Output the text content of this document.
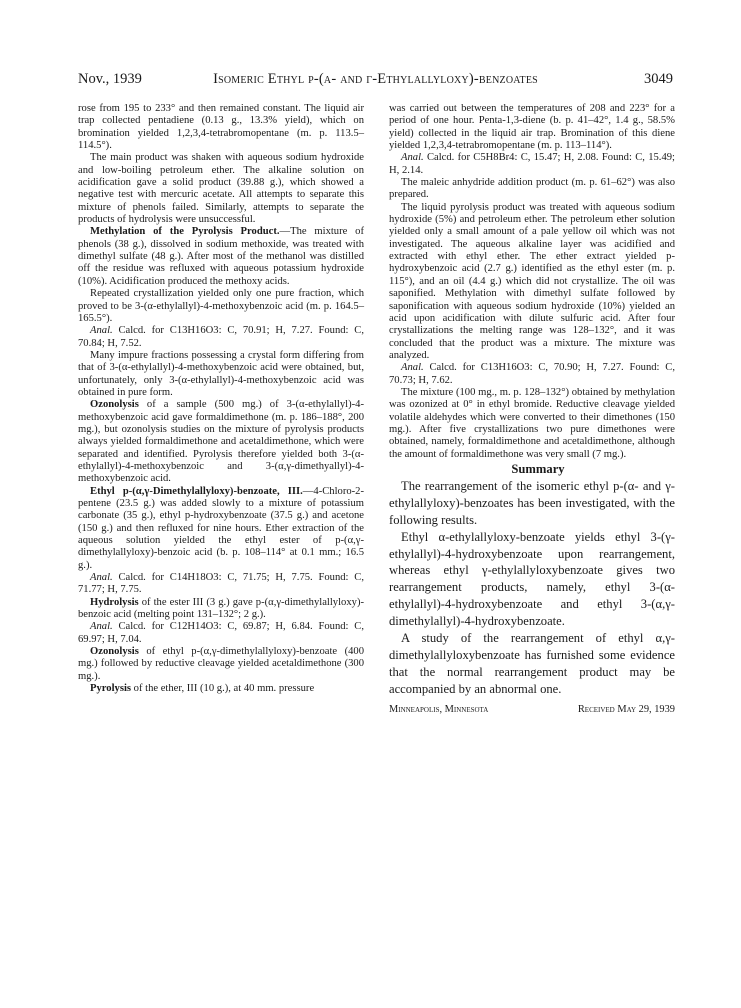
Nov., 1939	Isomeric Ethyl p-(α- and γ-Ethylallyloxy)-benzoates	3049

rose from 195 to 233° and then remained constant. The liquid air trap collected pentadiene (0.13 g., 13.3% yield), which on bromination yielded 1,2,3,4-tetrabromopentane (m. p. 113.5–114.5°).

The main product was shaken with aqueous sodium hydroxide and low-boiling petroleum ether. The alkaline solution on acidification gave a solid product (39.88 g.), which showed a negative test with mercuric acetate. All attempts to separate this mixture of phenols failed. Similarly, attempts to separate the products of hydrolysis were unsuccessful.

Methylation of the Pyrolysis Product.—The mixture of phenols (38 g.), dissolved in sodium methoxide, was treated with dimethyl sulfate (48 g.). After most of the methanol was distilled off the residue was refluxed with aqueous potassium hydroxide (10%). Acidification produced the methoxy acids.

Repeated crystallization yielded only one pure fraction, which proved to be 3-(α-ethylallyl)-4-methoxybenzoic acid (m. p. 164.5–165.5°).

Anal. Calcd. for C13H16O3: C, 70.91; H, 7.27. Found: C, 70.84; H, 7.52.

Many impure fractions possessing a crystal form differing from that of 3-(α-ethylallyl)-4-methoxybenzoic acid were obtained, but, unfortunately, only 3-(α-ethylallyl)-4-methoxybenzoic acid was obtained in pure form.

Ozonolysis of a sample (500 mg.) of 3-(α-ethylallyl)-4-methoxybenzoic acid gave formaldimethone (m. p. 186–188°, 200 mg.), but ozonolysis studies on the mixture of pyrolysis products always yielded formaldimethone and acetaldimethone, which were separated and identified. Pyrolysis therefore yielded both 3-(α-ethylallyl)-4-methoxybenzoic and 3-(α,γ-dimethyallyl)-4-methoxybenzoic acid.

Ethyl p-(α,γ-Dimethylallyloxy)-benzoate, III.—4-Chloro-2-pentene (23.5 g.) was added slowly to a mixture of potassium carbonate (35 g.), ethyl p-hydroxybenzoate (37.5 g.) and acetone (150 g.) and then refluxed for nine hours. Ether extraction of the aqueous solution yielded the ethyl ester of p-(α,γ-dimethylallyloxy)-benzoic acid (b. p. 108–114° at 0.1 mm.; 16.5 g.).

Anal. Calcd. for C14H18O3: C, 71.75; H, 7.75. Found: C, 71.77; H, 7.75.

Hydrolysis of the ester III (3 g.) gave p-(α,γ-dimethylallyloxy)-benzoic acid (melting point 131–132°; 2 g.).

Anal. Calcd. for C12H14O3: C, 69.87; H, 6.84. Found: C, 69.97; H, 7.04.

Ozonolysis of ethyl p-(α,γ-dimethylallyloxy)-benzoate (400 mg.) followed by reductive cleavage yielded acetaldimethone (300 mg.).

Pyrolysis of the ether, III (10 g.), at 40 mm. pressure

was carried out between the temperatures of 208 and 223° for a period of one hour. Penta-1,3-diene (b. p. 41–42°, 1.4 g., 58.5% yield) collected in the liquid air trap. Bromination of this diene yielded 1,2,3,4-tetrabromopentane (m. p. 113–114°).

Anal. Calcd. for C5H8Br4: C, 15.47; H, 2.08. Found: C, 15.49; H, 2.14.

The maleic anhydride addition product (m. p. 61–62°) was also prepared.

The liquid pyrolysis product was treated with aqueous sodium hydroxide (5%) and petroleum ether. The petroleum ether solution yielded only a small amount of a pale yellow oil which was not investigated. The aqueous alkaline layer was acidified and extracted with ethyl ether. The ether extract yielded p-hydroxybenzoic acid (2.7 g.) identified as the ethyl ester (m. p. 115°), and an oil (4.4 g.) which did not crystallize. The oil was saponified. Methylation with dimethyl sulfate followed by saponification with aqueous sodium hydroxide (10%) yielded an acid upon acidification with dilute sulfuric acid. After four crystallizations the melting range was 128–132°, and it was concluded that the product was a mixture. The mixture was analyzed.

Anal. Calcd. for C13H16O3: C, 70.90; H, 7.27. Found: C, 70.73; H, 7.62.

The mixture (100 mg., m. p. 128–132°) obtained by methylation was ozonized at 0° in ethyl bromide. Reductive cleavage yielded volatile aldehydes which were converted to their dimethones (150 mg.). After five crystallizations two pure dimethones were obtained, namely, formaldimethone and acetaldimethone, although the amount of formaldimethone was very small (7 mg.).

Summary

The rearrangement of the isomeric ethyl p-(α- and γ-ethylallyloxy)-benzoates has been investigated, with the following results.

Ethyl α-ethylallyloxy-benzoate yields ethyl 3-(γ-ethylallyl)-4-hydroxybenzoate upon rearrangement, whereas ethyl γ-ethylallyloxybenzoate gives two rearrangement products, namely, ethyl 3-(α-ethylallyl)-4-hydroxybenzoate and ethyl 3-(α,γ-dimethylallyl)-4-hydroxybenzoate.

A study of the rearrangement of ethyl α,γ-dimethylallyloxybenzoate has furnished some evidence that the normal rearrangement product may be accompanied by an abnormal one.

Minneapolis, Minnesota	Received May 29, 1939
